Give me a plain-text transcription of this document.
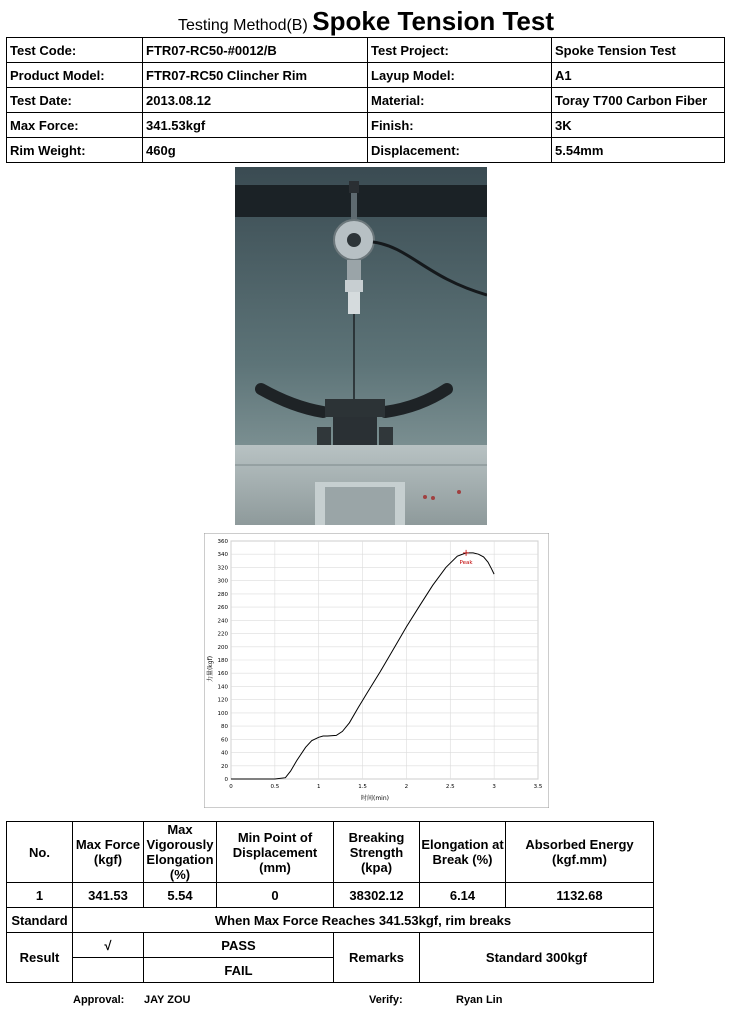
Testing Method(B) Spoke Tension Test
Test Code:	FTR07-RC50-#0012/B	Test Project:	Spoke Tension Test
Product Model:	FTR07-RC50 Clincher Rim	Layup Model:	A1
Test Date:	2013.08.12	Material:	Toray T700 Carbon Fiber
Max Force:	341.53kgf	Finish:	3K
Rim Weight:	460g	Displacement:	5.54mm
0
20
40
60
80
100
120
140
160
180
200
220
240
260
280
300
320
340
360
0	0.5	1	1.5	2	2.5	3	3.5
Peak
力量(kgf)
时间(min)
No.	Max Force (kgf)	Max Vigorously Elongation (%)	Min Point of Displacement (mm)	Breaking Strength (kpa)	Elongation at Break (%)	Absorbed Energy (kgf.mm)
1	341.53	5.54	0	38302.12	6.14	1132.68
Standard	When Max Force Reaches 341.53kgf, rim breaks					
Result	√	PASS		Remarks	Standard 300kgf	
		FAIL				
Approval: JAY ZOU	Verify:	Ryan Lin
